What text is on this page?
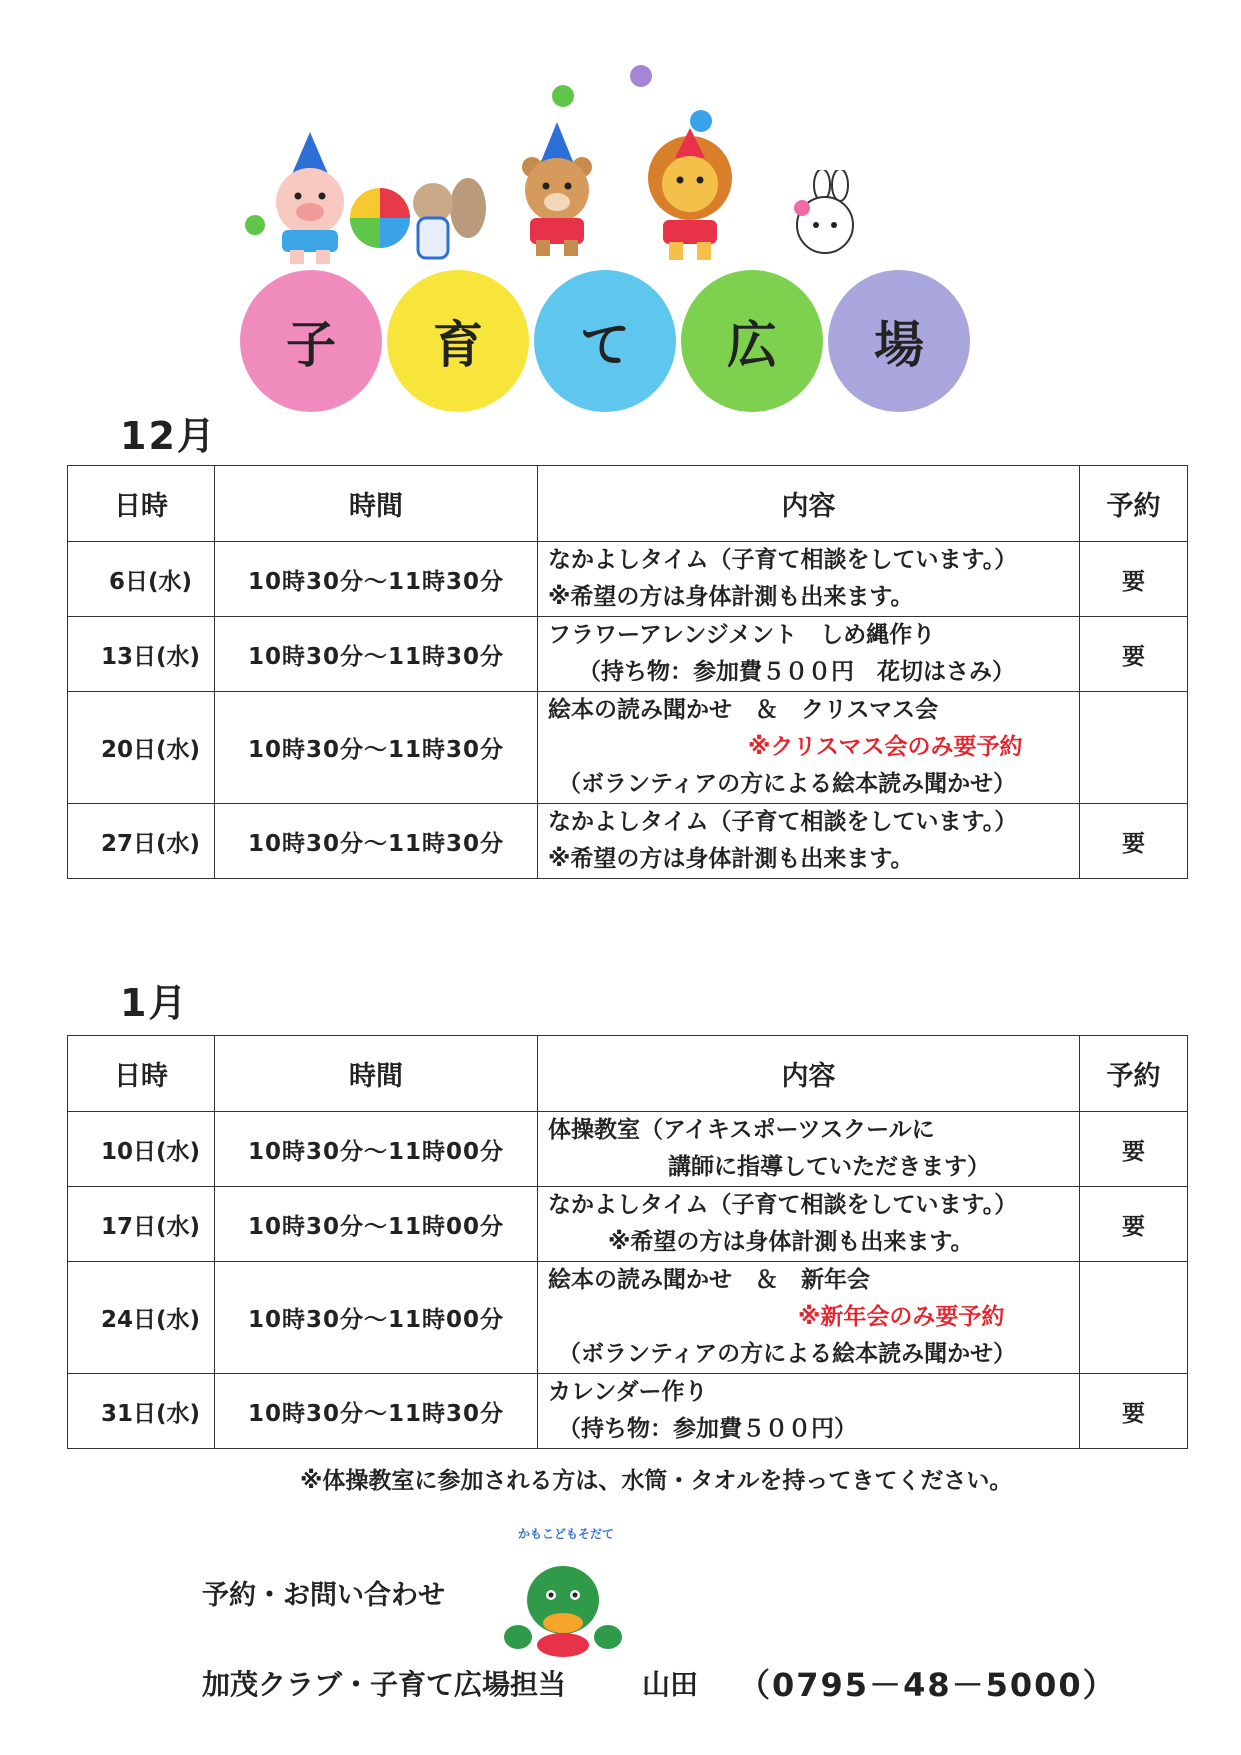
子 育 て 広 場
12月
日時	時間	内容	予約
6日(水)	10時30分～11時30分	なかよしタイム（子育て相談をしています。）
※希望の方は身体計測も出来ます。	要
13日(水)	10時30分～11時30分	フラワーアレンジメント　しめ縄作り
（持ち物：参加費５００円　花切はさみ）	要
20日(水)	10時30分～11時30分	絵本の読み聞かせ　＆　クリスマス会
※クリスマス会のみ要予約
（ボランティアの方による絵本読み聞かせ）	

27日(水)	10時30分～11時30分	なかよしタイム（子育て相談をしています。）
※希望の方は身体計測も出来ます。	要
1月
日時	時間	内容	予約
10日(水)	10時30分～11時00分	体操教室（アイキスポーツスクールに
講師に指導していただきます）	要
17日(水)	10時30分～11時00分	なかよしタイム（子育て相談をしています。）
※希望の方は身体計測も出来ます。	要
24日(水)	10時30分～11時00分	絵本の読み聞かせ　＆　新年会
※新年会のみ要予約
（ボランティアの方による絵本読み聞かせ）	

31日(水)	10時30分～11時30分	カレンダー作り
（持ち物：参加費５００円）	要
※体操教室に参加される方は、水筒・タオルを持ってきてください。
予約・お問い合わせ
かもこどもそだて
加茂クラブ・子育て広場担当	山田 （0795－48－5000）
